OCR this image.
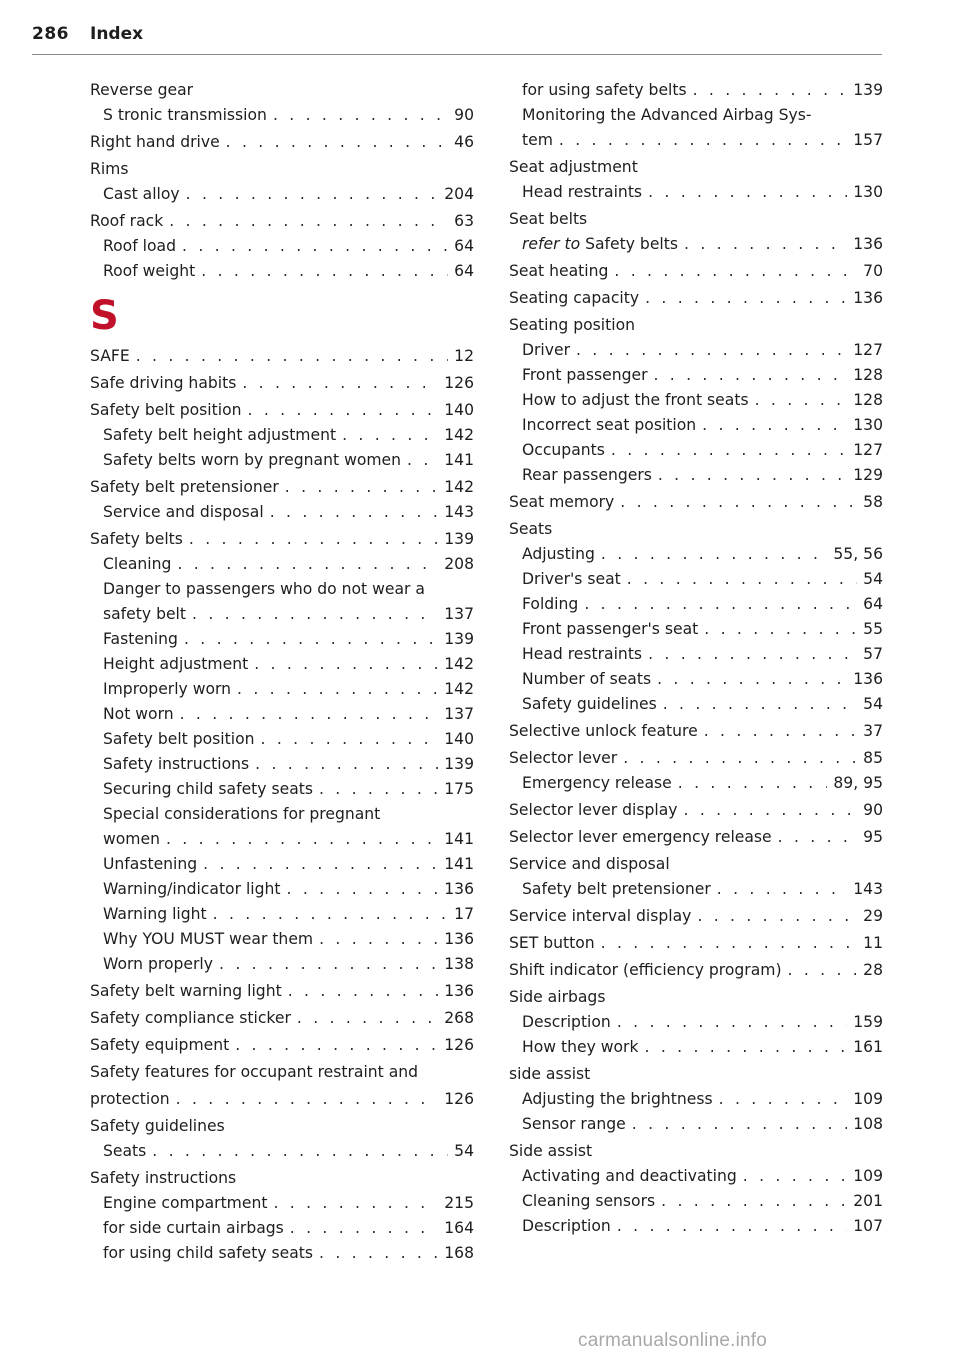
286 Index
Reverse gear
S tronic transmission . . .	90
Right hand drive . . .	46
Rims
Cast alloy . . .	204
Roof rack . . .	63
Roof load . . .	64
Roof weight . . .	64
S
SAFE . . .	12
Safe driving habits . . .	126
Safety belt position . . .	140
Safety belt height adjustment . . .	142
Safety belts worn by pregnant women . . .	141
Safety belt pretensioner . . .	142
Service and disposal . . .	143
Safety belts . . .	139
Cleaning . . .	208
Danger to passengers who do not wear a
safety belt . . .	137
Fastening . . .	139
Height adjustment . . .	142
Improperly worn . . .	142
Not worn . . .	137
Safety belt position . . .	140
Safety instructions . . .	139
Securing child safety seats . . .	175
Special considerations for pregnant
women . . .	141
Unfastening . . .	141
Warning/indicator light . . .	136
Warning light . . .	17
Why YOU MUST wear them . . .	136
Worn properly . . .	138
Safety belt warning light . . .	136
Safety compliance sticker . . .	268
Safety equipment . . .	126
Safety features for occupant restraint and
protection . . .	126
Safety guidelines
Seats . . .	54
Safety instructions
Engine compartment . . .	215
for side curtain airbags . . .	164
for using child safety seats . . .	168
for using safety belts . . .	139
Monitoring the Advanced Airbag Sys-
tem . . .	157
Seat adjustment
Head restraints . . .	130
Seat belts
refer to Safety belts . . .	136
Seat heating . . .	70
Seating capacity . . .	136
Seating position
Driver . . .	127
Front passenger . . .	128
How to adjust the front seats . . .	128
Incorrect seat position . . .	130
Occupants . . .	127
Rear passengers . . .	129
Seat memory . . .	58
Seats
Adjusting . . .	55, 56
Driver's seat . . .	54
Folding . . .	64
Front passenger's seat . . .	55
Head restraints . . .	57
Number of seats . . .	136
Safety guidelines . . .	54
Selective unlock feature . . .	37
Selector lever . . .	85
Emergency release . . .	89, 95
Selector lever display . . .	90
Selector lever emergency release . . .	95
Service and disposal
Safety belt pretensioner . . .	143
Service interval display . . .	29
SET button . . .	11
Shift indicator (efficiency program) . . .	28
Side airbags
Description . . .	159
How they work . . .	161
side assist
Adjusting the brightness . . .	109
Sensor range . . .	108
Side assist
Activating and deactivating . . .	109
Cleaning sensors . . .	201
Description . . .	107
carmanualsonline.info
